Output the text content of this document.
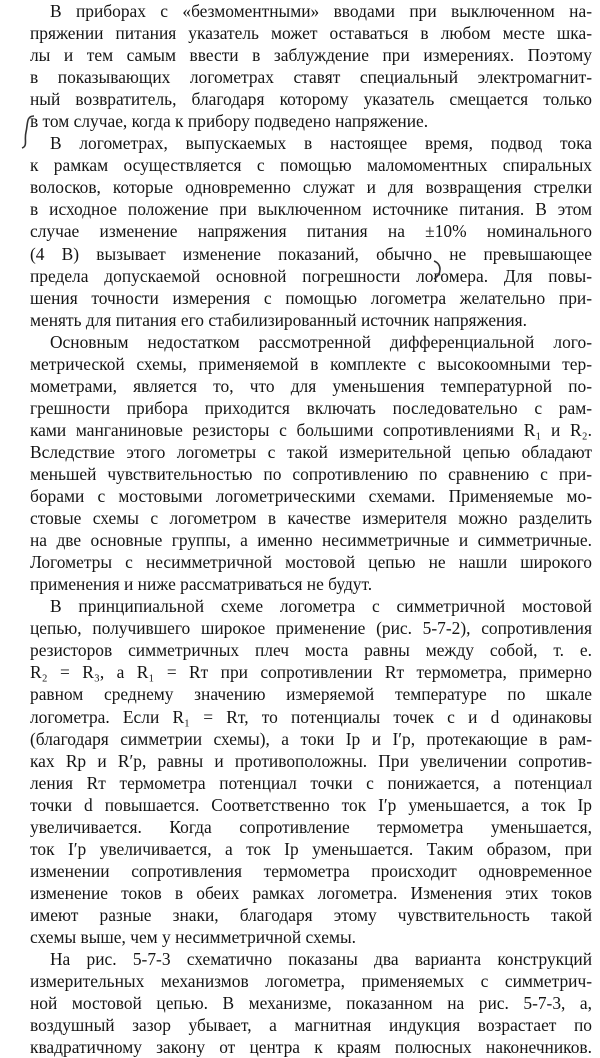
В приборах с «безмоментными» вводами при выключенном на-
пряжении питания указатель может оставаться в любом месте шка-
лы и тем самым ввести в заблуждение при измерениях. Поэтому
в показывающих логометрах ставят специальный электромагнит-
ный возвратитель, благодаря которому указатель смещается только
в том случае, когда к прибору подведено напряжение.
В логометрах, выпускаемых в настоящее время, подвод тока
к рамкам осуществляется с помощью маломоментных спиральных
волосков, которые одновременно служат и для возвращения стрелки
в исходное положение при выключенном источнике питания. В этом
случае изменение напряжения питания на ±10% номинального
(4 В) вызывает изменение показаний, обычно не превышающее
предела допускаемой основной погрешности логомера. Для повы-
шения точности измерения с помощью логометра желательно при-
менять для питания его стабилизированный источник напряжения.
Основным недостатком рассмотренной дифференциальной лого-
метрической схемы, применяемой в комплекте с высокоомными тер-
мометрами, является то, что для уменьшения температурной по-
грешности прибора приходится включать последовательно с рам-
ками манганиновые резисторы с большими сопротивлениями R₁ и R₂.
Вследствие этого логометры с такой измерительной цепью обладают
меньшей чувствительностью по сопротивлению по сравнению с при-
борами с мостовыми логометрическими схемами. Применяемые мо-
стовые схемы с логометром в качестве измерителя можно разделить
на две основные группы, а именно несимметричные и симметричные.
Логометры с несимметричной мостовой цепью не нашли широкого
применения и ниже рассматриваться не будут.
В принципиальной схеме логометра с симметричной мостовой
цепью, получившего широкое применение (рис. 5-7-2), сопротивления
резисторов симметричных плеч моста равны между собой, т. е.
R₂ = R₃, а R₁ = Rт при сопротивлении Rт термометра, примерно
равном среднему значению измеряемой температуре по шкале
логометра. Если R₁ = Rт, то потенциалы точек c и d одинаковы
(благодаря симметрии схемы), а токи Iр и I′р, протекающие в рам-
ках Rр и R′р, равны и противоположны. При увеличении сопротив-
ления Rт термометра потенциал точки c понижается, а потенциал
точки d повышается. Соответственно ток I′р уменьшается, а ток Iр
увеличивается. Когда сопротивление термометра уменьшается,
ток I′р увеличивается, а ток Iр уменьшается. Таким образом, при
изменении сопротивления термометра происходит одновременное
изменение токов в обеих рамках логометра. Изменения этих токов
имеют разные знаки, благодаря этому чувствительность такой
схемы выше, чем у несимметричной схемы.
На рис. 5-7-3 схематично показаны два варианта конструкций
измерительных механизмов логометра, применяемых с симметрич-
ной мостовой цепью. В механизме, показанном на рис. 5-7-3, а,
воздушный зазор убывает, а магнитная индукция возрастает по
квадратичному закону от центра к краям полюсных наконечников.
